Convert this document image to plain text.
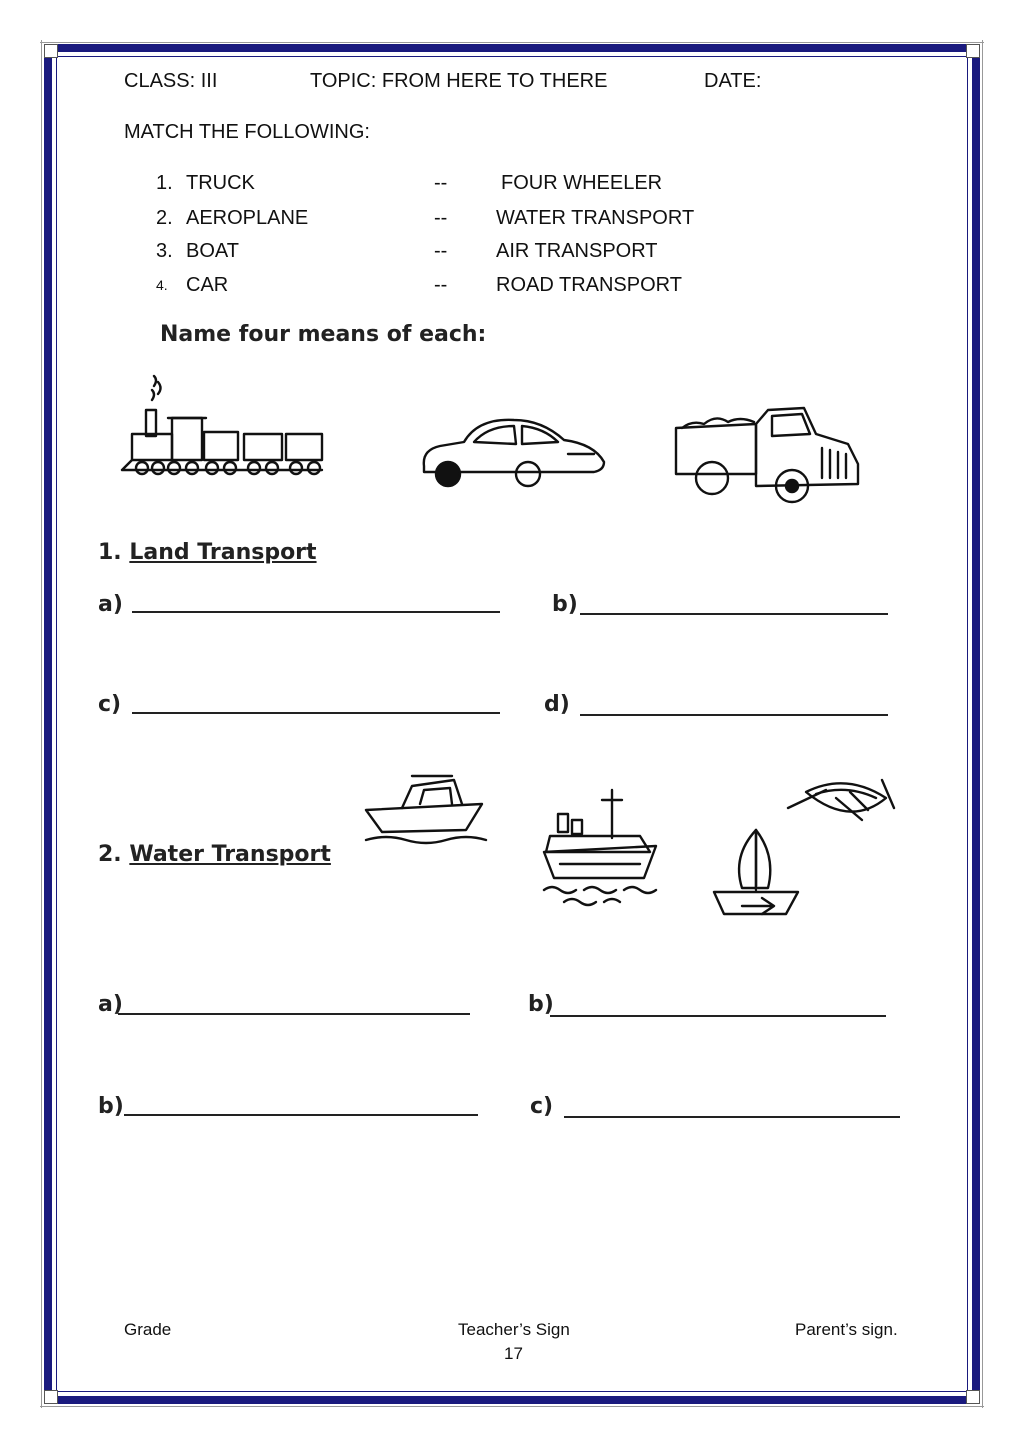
CLASS: III	TOPIC: FROM HERE TO THERE	DATE:
MATCH THE FOLLOWING:
1. TRUCK	--	FOUR WHEELER
2. AEROPLANE	-- WATER TRANSPORT
3. BOAT	-- AIR TRANSPORT
4. CAR	-- ROAD TRANSPORT
Name four means of each:
1. Land Transport
a)	b)
c)	d)
2. Water Transport
a)	b)
b)	c)
Grade	Teacher’s Sign	Parent’s sign.
17
